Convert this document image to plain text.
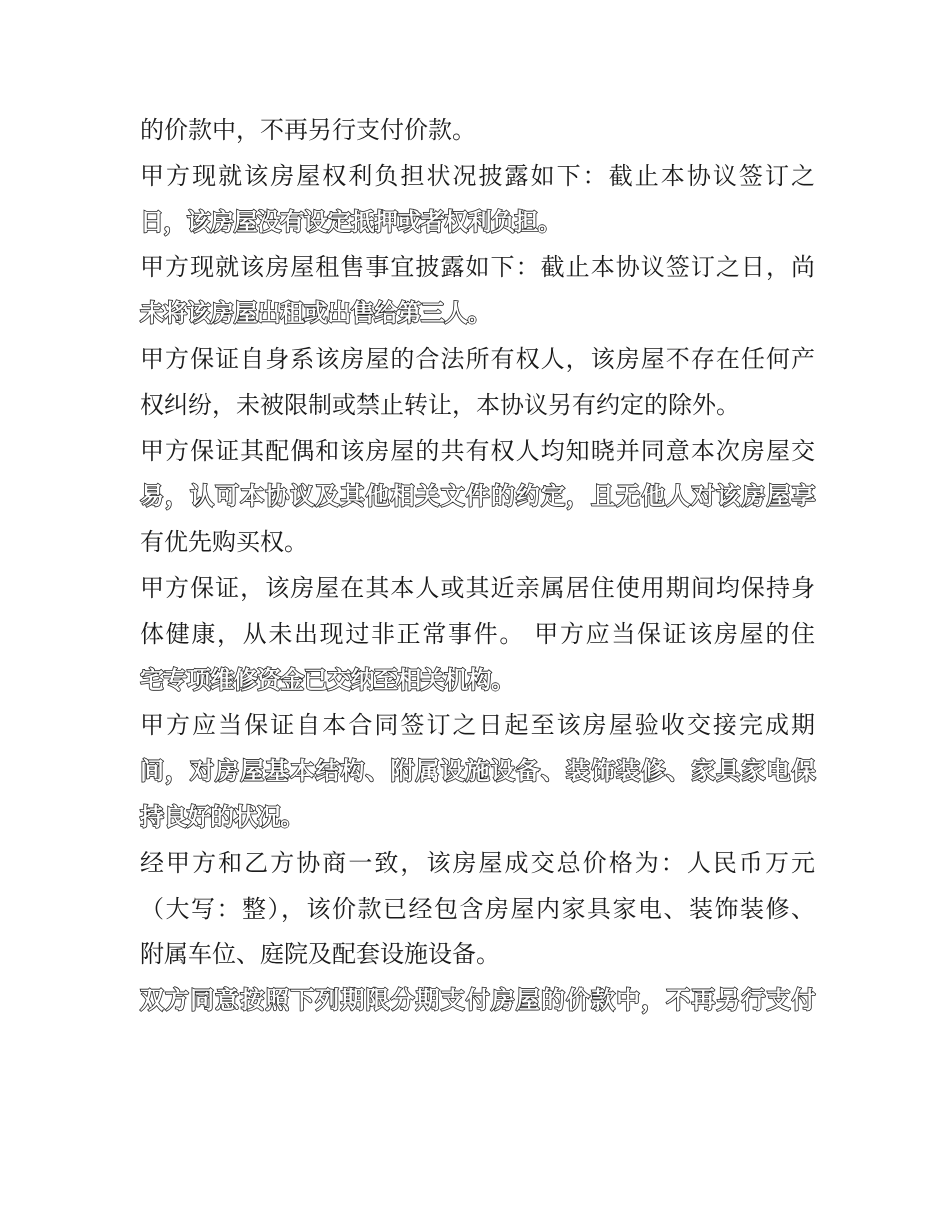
的价款中，不再另行支付价款。
甲方现就该房屋权利负担状况披露如下：截止本协议签订之
日，该房屋没有设定抵押或者权利负担。
甲方现就该房屋租售事宜披露如下：截止本协议签订之日，尚
未将该房屋出租或出售给第三人。
甲方保证自身系该房屋的合法所有权人，该房屋不存在任何产
权纠纷，未被限制或禁止转让，本协议另有约定的除外。
甲方保证其配偶和该房屋的共有权人均知晓并同意本次房屋交
易，认可本协议及其他相关文件的约定，且无他人对该房屋享
有优先购买权。
甲方保证，该房屋在其本人或其近亲属居住使用期间均保持身
体健康，从未出现过非正常事件。 甲方应当保证该房屋的住
宅专项维修资金已交纳至相关机构。
甲方应当保证自本合同签订之日起至该房屋验收交接完成期
间，对房屋基本结构、附属设施设备、装饰装修、家具家电保
持良好的状况。
经甲方和乙方协商一致，该房屋成交总价格为：人民币万元
（大写：整），该价款已经包含房屋内家具家电、装饰装修、
附属车位、庭院及配套设施设备。
双方同意按照下列期限分期支付房屋的价款中，不再另行支付
